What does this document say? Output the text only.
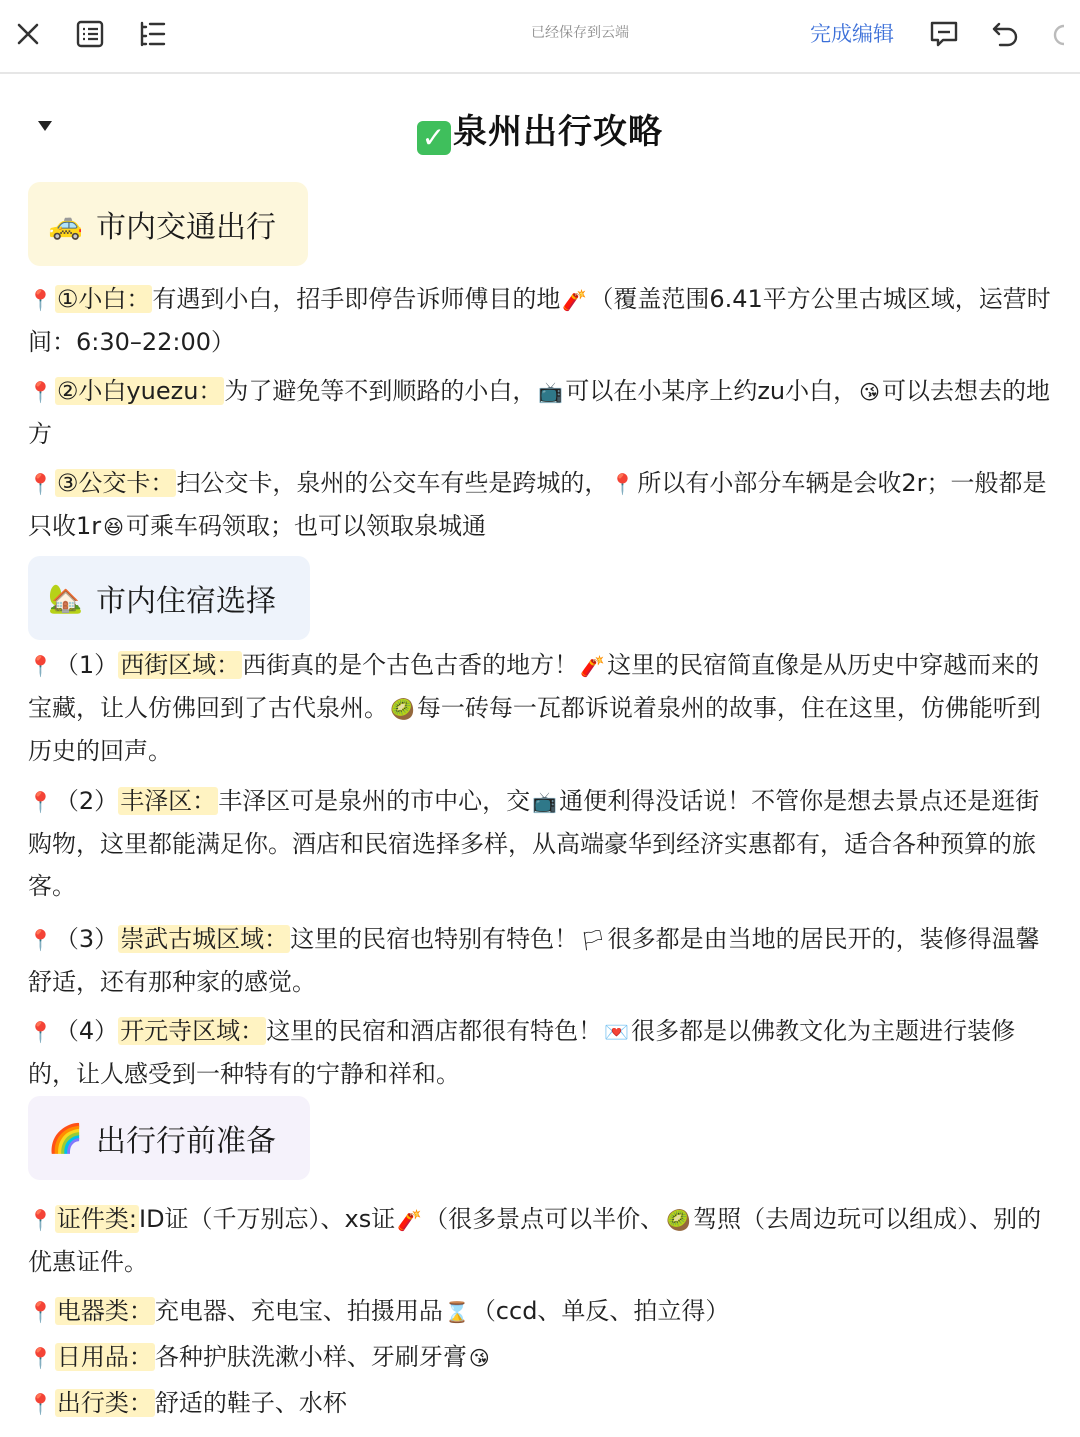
已经保存到云端	完成编辑
✓ 泉州出行攻略
🚕 市内交通出行
📍 ①小白：有遇到小白，招手即停告诉师傅目的地 🧨（覆盖范围6.41平方公里古城区域，运营时间：6:30–22:00）
📍 ②小白yuezu：为了避免等不到顺路的小白， 📺可以在小某序上约zu小白， 😘可以去想去的地方
📍 ③公交卡：扫公交卡，泉州的公交车有些是跨城的， 📍所以有小部分车辆是会收2r；一般都是只收1r 😆可乘车码领取；也可以领取泉城通
🏡 市内住宿选择
📍（1）西街区域：西街真的是个古色古香的地方！ 🧨这里的民宿简直像是从历史中穿越而来的宝藏，让人仿佛回到了古代泉州。 🥝每一砖每一瓦都诉说着泉州的故事，住在这里，仿佛能听到历史的回声。
📍（2）丰泽区：丰泽区可是泉州的市中心，交 📺通便利得没话说！不管你是想去景点还是逛街购物，这里都能满足你。酒店和民宿选择多样，从高端豪华到经济实惠都有，适合各种预算的旅客。
📍（3）崇武古城区域：这里的民宿也特别有特色！ 🏳很多都是由当地的居民开的，装修得温馨舒适，还有那种家的感觉。
📍（4）开元寺区域：这里的民宿和酒店都很有特色！ 💌很多都是以佛教文化为主题进行装修的，让人感受到一种特有的宁静和祥和。
🌈 出行行前准备
📍 证件类:ID证（千万别忘）、xs证 🧨（很多景点可以半价、 🥝驾照（去周边玩可以组成）、别的优惠证件。
📍 电器类：充电器、充电宝、拍摄用品 ⌛（ccd、单反、拍立得）
📍 日用品：各种护肤洗漱小样、牙刷牙膏 😘
📍 出行类：舒适的鞋子、水杯
